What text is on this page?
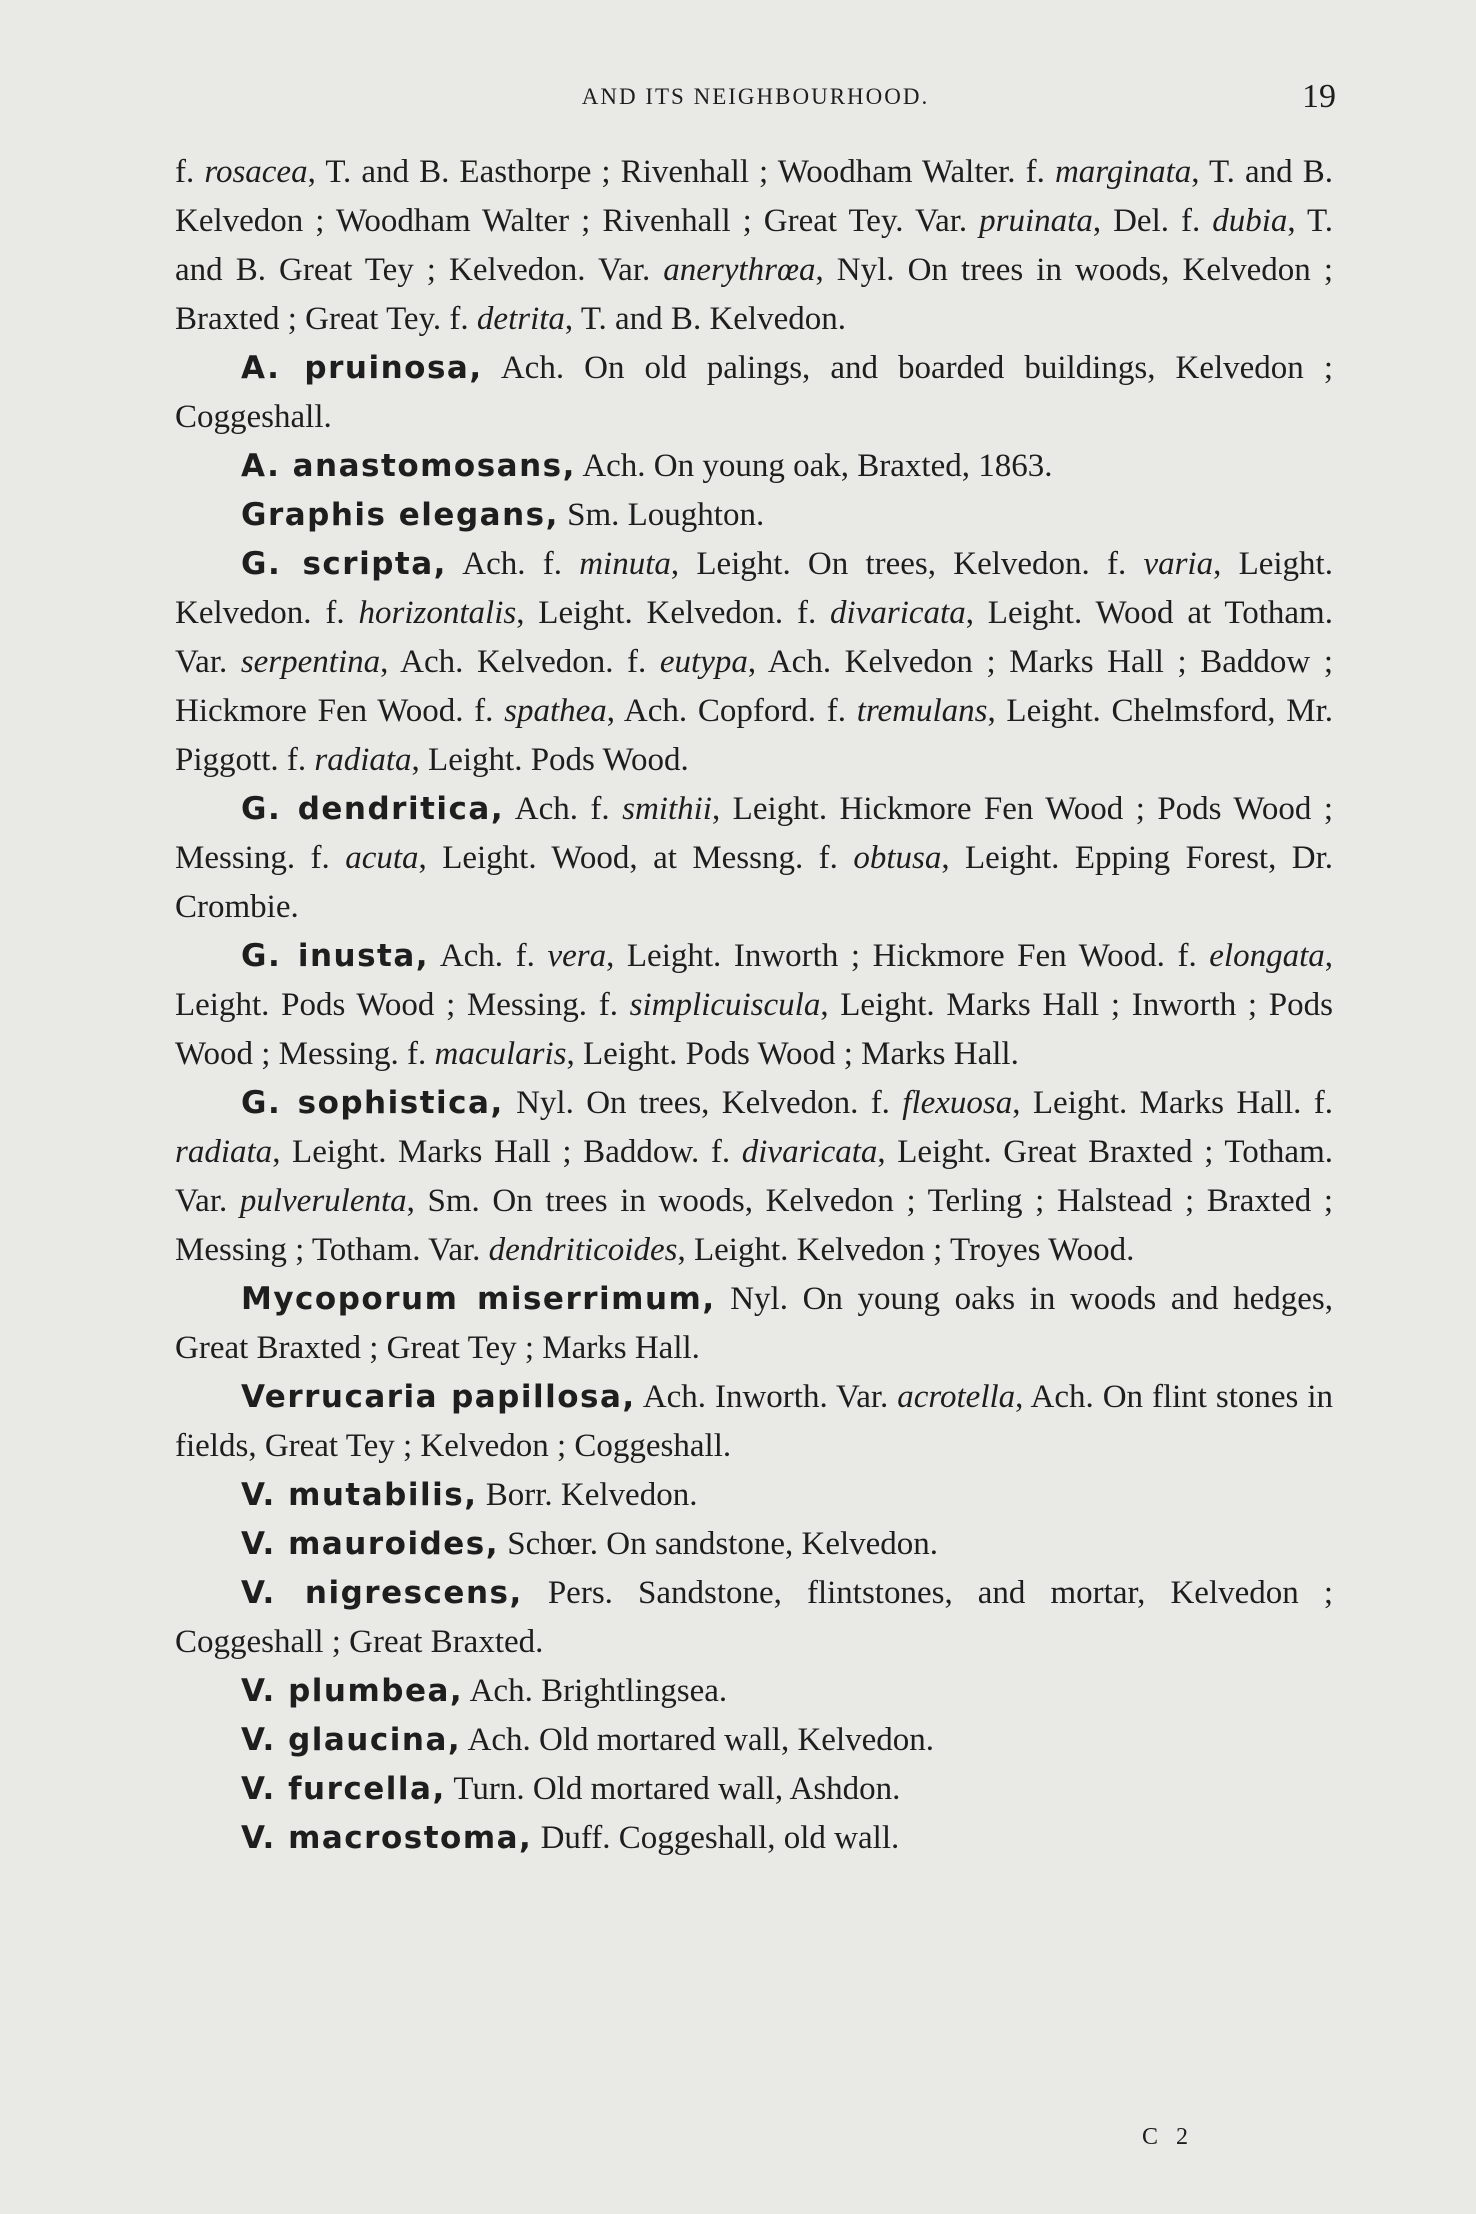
AND ITS NEIGHBOURHOOD.	19

f. rosacea, T. and B. Easthorpe ; Rivenhall ; Woodham Walter. f. marginata, T. and B. Kelvedon ; Woodham Walter ; Rivenhall ; Great Tey. Var. pruinata, Del. f. dubia, T. and B. Great Tey ; Kelvedon. Var. anerythrœa, Nyl. On trees in woods, Kelvedon ; Braxted ; Great Tey. f. detrita, T. and B. Kelvedon.

A. pruinosa, Ach. On old palings, and boarded buildings, Kelvedon ; Coggeshall.

A. anastomosans, Ach. On young oak, Braxted, 1863.

Graphis elegans, Sm. Loughton.

G. scripta, Ach. f. minuta, Leight. On trees, Kelvedon. f. varia, Leight. Kelvedon. f. horizontalis, Leight. Kelvedon. f. divaricata, Leight. Wood at Totham. Var. serpentina, Ach. Kelvedon. f. eutypa, Ach. Kelvedon ; Marks Hall ; Baddow ; Hickmore Fen Wood. f. spathea, Ach. Copford. f. tremulans, Leight. Chelmsford, Mr. Piggott. f. radiata, Leight. Pods Wood.

G. dendritica, Ach. f. smithii, Leight. Hickmore Fen Wood ; Pods Wood ; Messing. f. acuta, Leight. Wood, at Messng. f. obtusa, Leight. Epping Forest, Dr. Crombie.

G. inusta, Ach. f. vera, Leight. Inworth ; Hickmore Fen Wood. f. elongata, Leight. Pods Wood ; Messing. f. simplicuiscula, Leight. Marks Hall ; Inworth ; Pods Wood ; Messing. f. macularis, Leight. Pods Wood ; Marks Hall.

G. sophistica, Nyl. On trees, Kelvedon. f. flexuosa, Leight. Marks Hall. f. radiata, Leight. Marks Hall ; Baddow. f. divaricata, Leight. Great Braxted ; Totham. Var. pulverulenta, Sm. On trees in woods, Kelvedon ; Terling ; Halstead ; Braxted ; Messing ; Totham. Var. dendriticoides, Leight. Kelvedon ; Troyes Wood.

Mycoporum miserrimum, Nyl. On young oaks in woods and hedges, Great Braxted ; Great Tey ; Marks Hall.

Verrucaria papillosa, Ach. Inworth. Var. acrotella, Ach. On flint stones in fields, Great Tey ; Kelvedon ; Coggeshall.

V. mutabilis, Borr. Kelvedon.

V. mauroides, Schœr. On sandstone, Kelvedon.

V. nigrescens, Pers. Sandstone, flintstones, and mortar, Kelvedon ; Coggeshall ; Great Braxted.

V. plumbea, Ach. Brightlingsea.

V. glaucina, Ach. Old mortared wall, Kelvedon.

V. furcella, Turn. Old mortared wall, Ashdon.

V. macrostoma, Duff. Coggeshall, old wall.

C 2
